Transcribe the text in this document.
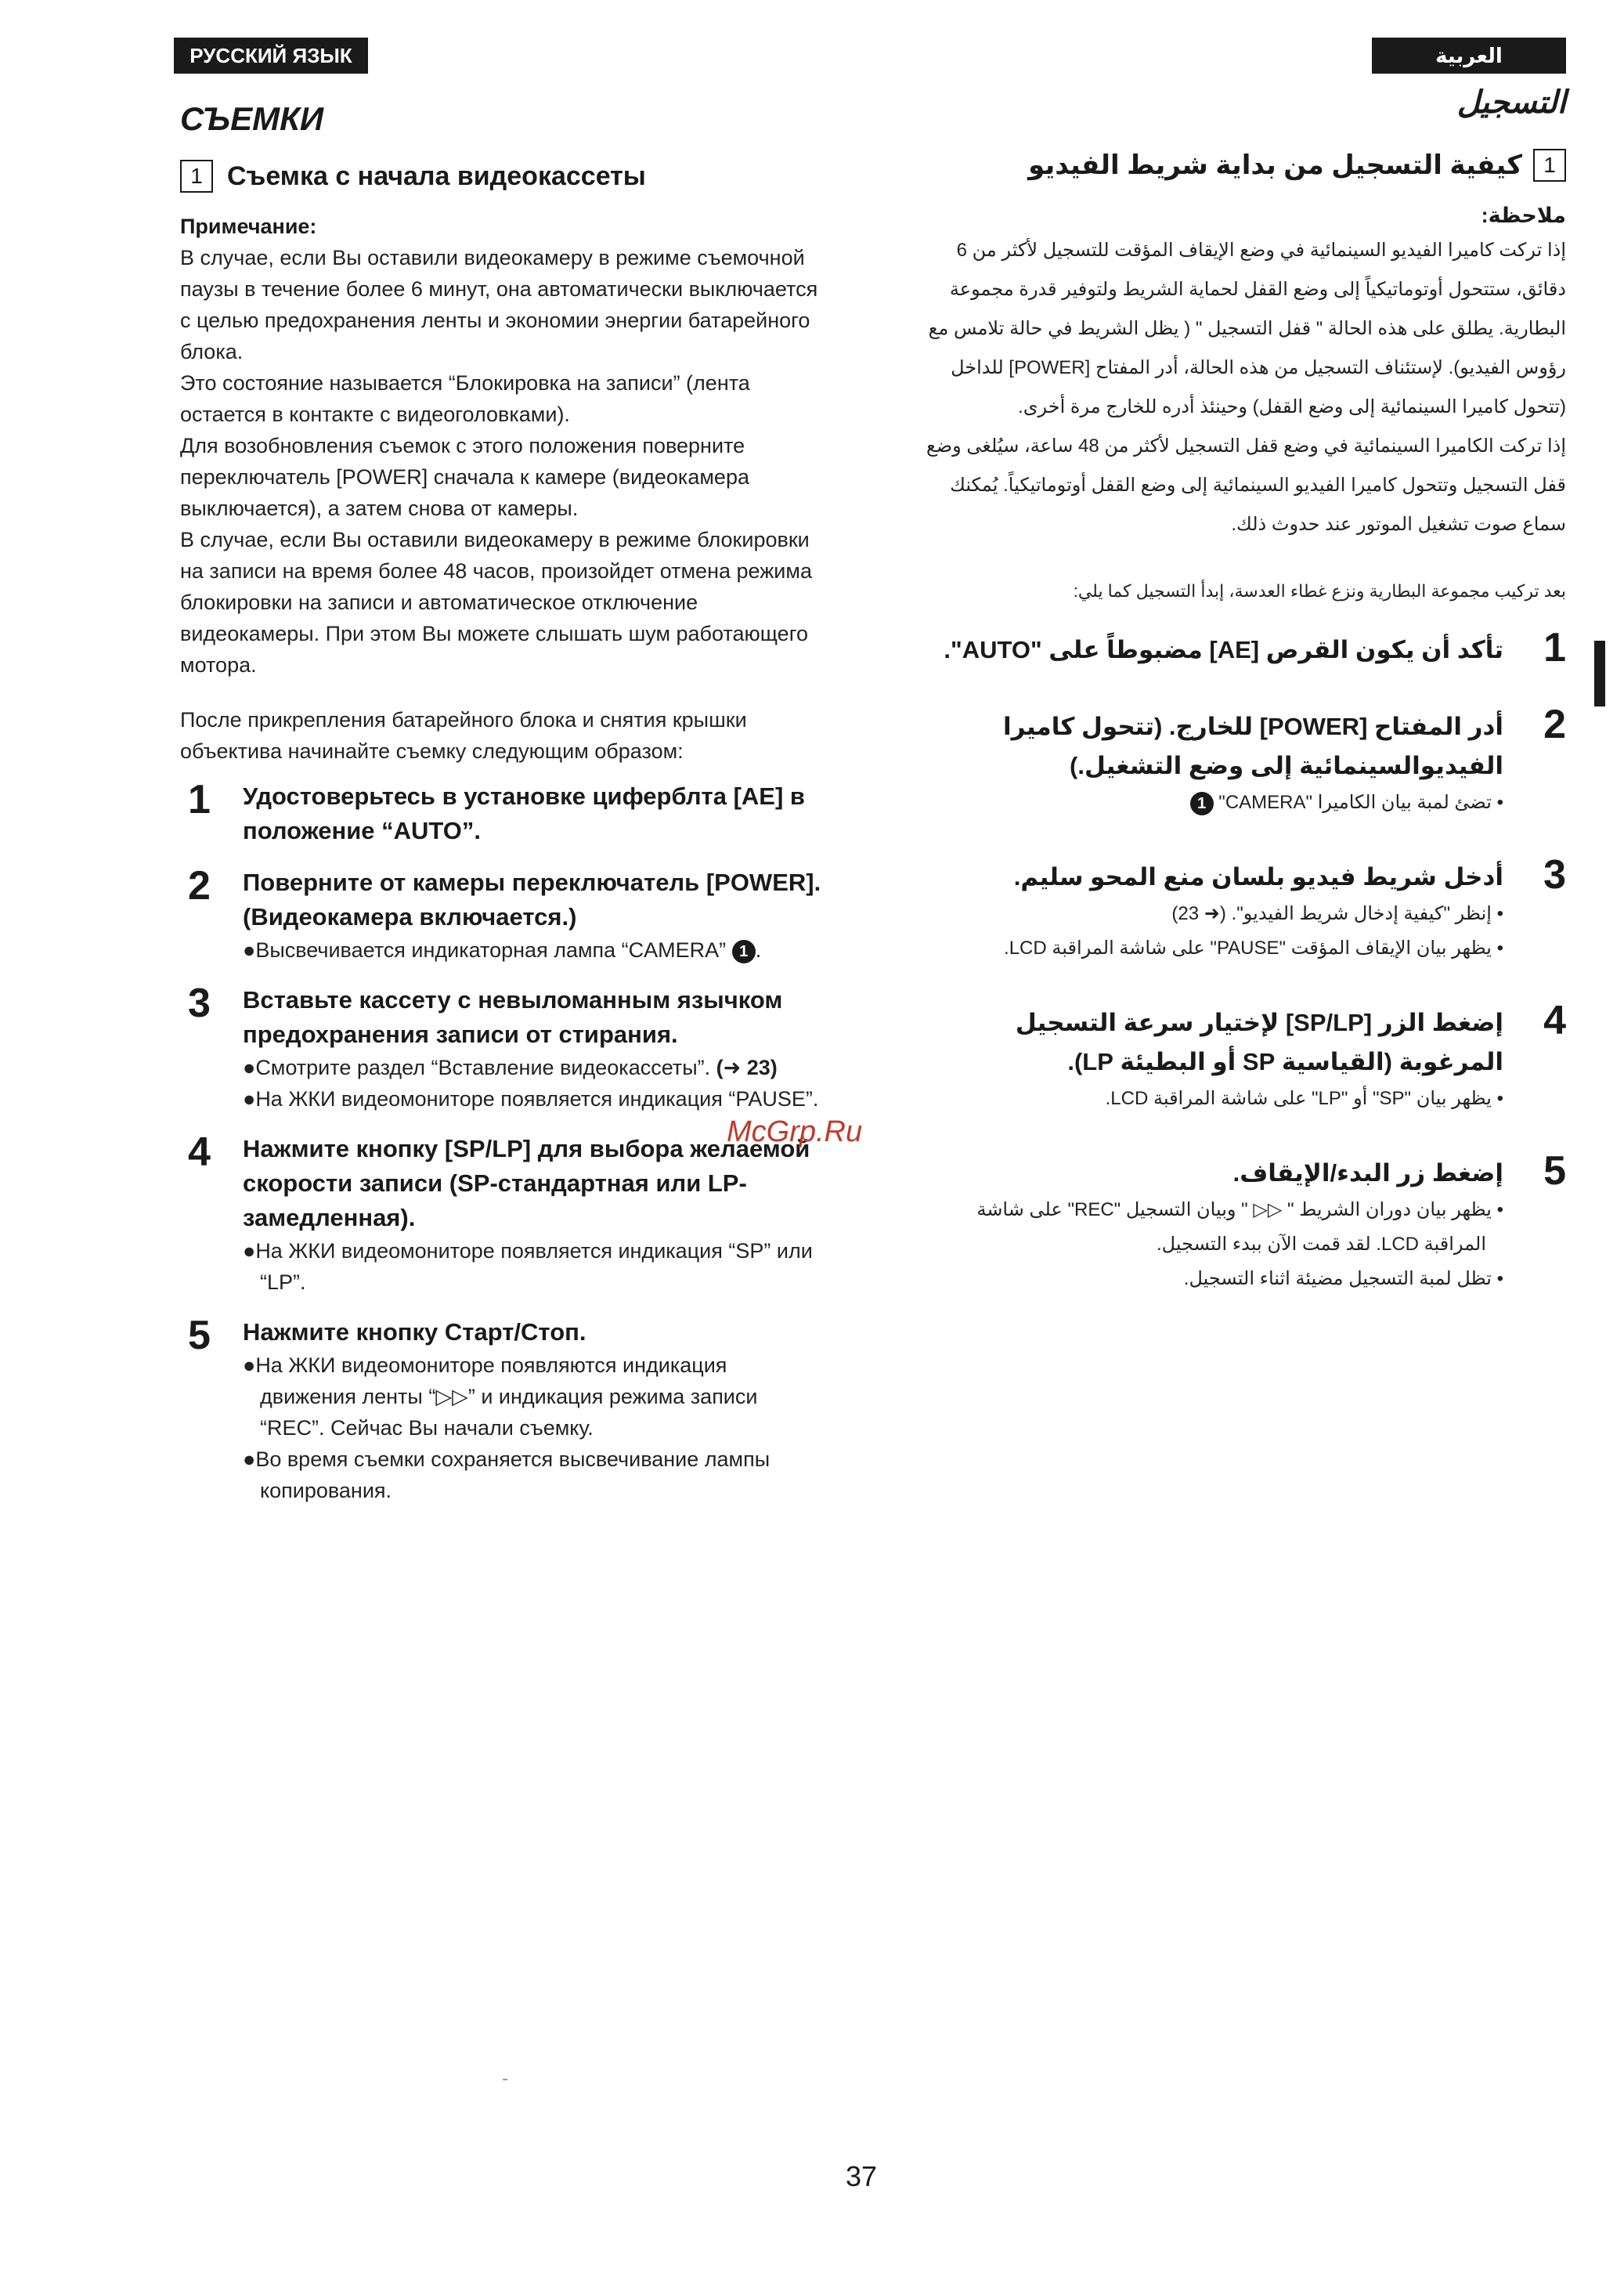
РУССКИЙ ЯЗЫК	العربية
СЪЕМКИ
1 Съемка с начала видеокассеты

Примечание:

В случае, если Вы оставили видеокамеру в режиме съемочной паузы в течение более 6 минут, она автоматически выключается с целью предохранения ленты и экономии энергии батарейного блока.

Это состояние называется “Блокировка на записи” (лента остается в контакте с видеоголовками).

Для возобновления съемок с этого положения поверните переключатель [POWER] сначала к камере (видеокамера выключается), а затем снова от камеры.

В случае, если Вы оставили видеокамеру в режиме блокировки на записи на время более 48 часов, произойдет отмена режима блокировки на записи и автоматическое отключение видеокамеры. При этом Вы можете слышать шум работающего мотора.

После прикрепления батарейного блока и снятия крышки объектива начинайте съемку следующим образом:

1 Удостоверьтесь в установке циферблта [AE] в положение “AUTO”.
2 Поверните от камеры переключатель [POWER]. (Видеокамера включается.)
●Высвечивается индикаторная лампа “CAMERA” 1 .
3 Вставьте кассету с невыломанным язычком предохранения записи от стирания.
●Смотрите раздел “Вставление видеокассеты”. (➜ 23)
●На ЖКИ видеомониторе появляется индикация “PAUSE”.
4 Нажмите кнопку [SP/LP] для выбора желаемой скорости записи (SP-стандартная или LP-замедленная).
●На ЖКИ видеомониторе появляется индикация “SP” или “LP”.
5 Нажмите кнопку Старт/Стоп.
●На ЖКИ видеомониторе появляются индикация движения ленты “▷▷” и индикация режима записи “REC”. Сейчас Вы начали съемку.
●Во время съемки сохраняется высвечивание лампы копирования.
التسجيل
1
كيفية التسجيل من بداية شريط الفيديو

ملاحظة:

إذا تركت كاميرا الفيديو السينمائية في وضع الإيقاف المؤقت للتسجيل لأكثر من 6 دقائق، ستتحول أوتوماتيكياً إلى وضع القفل لحماية الشريط ولتوفير قدرة مجموعة البطارية. يطلق على هذه الحالة " قفل التسجيل " ( يظل الشريط في حالة تلامس مع رؤوس الفيديو). لإستئناف التسجيل من هذه الحالة، أدر المفتاح [POWER] للداخل (تتحول كاميرا السينمائية إلى وضع القفل) وحينئذ أدره للخارج مرة أخرى.

إذا تركت الكاميرا السينمائية في وضع قفل التسجيل لأكثر من 48 ساعة، سيُلغى وضع قفل التسجيل وتتحول كاميرا الفيديو السينمائية إلى وضع القفل أوتوماتيكياً. يُمكنك سماع صوت تشغيل الموتور عند حدوث ذلك.

بعد تركيب مجموعة البطارية ونزع غطاء العدسة، إبدأ التسجيل كما يلي:

1
تأكد أن يكون القرص [AE] مضبوطاً على "AUTO".
2
أدر المفتاح [POWER] للخارج. (تتحول كاميرا الفيديوالسينمائية إلى وضع التشغيل.)
• تضئ لمبة بيان الكاميرا "CAMERA" 1
3
أدخل شريط فيديو بلسان منع المحو سليم.
• إنظر "كيفية إدخال شريط الفيديو". (➜ 23)
• يظهر بيان الإيقاف المؤقت "PAUSE" على شاشة المراقبة LCD.
4
إضغط الزر [SP/LP] لإختيار سرعة التسجيل المرغوبة (القياسية SP أو البطيئة LP).
• يظهر بيان "SP" أو "LP" على شاشة المراقبة LCD.
5
إضغط زر البدء/الإيقاف.
• يظهر بيان دوران الشريط " ▷▷ " وبيان التسجيل "REC" على شاشة المراقبة LCD. لقد قمت الآن ببدء التسجيل.
• تظل لمبة التسجيل مضيئة اثناء التسجيل.
McGrp.Ru
37
